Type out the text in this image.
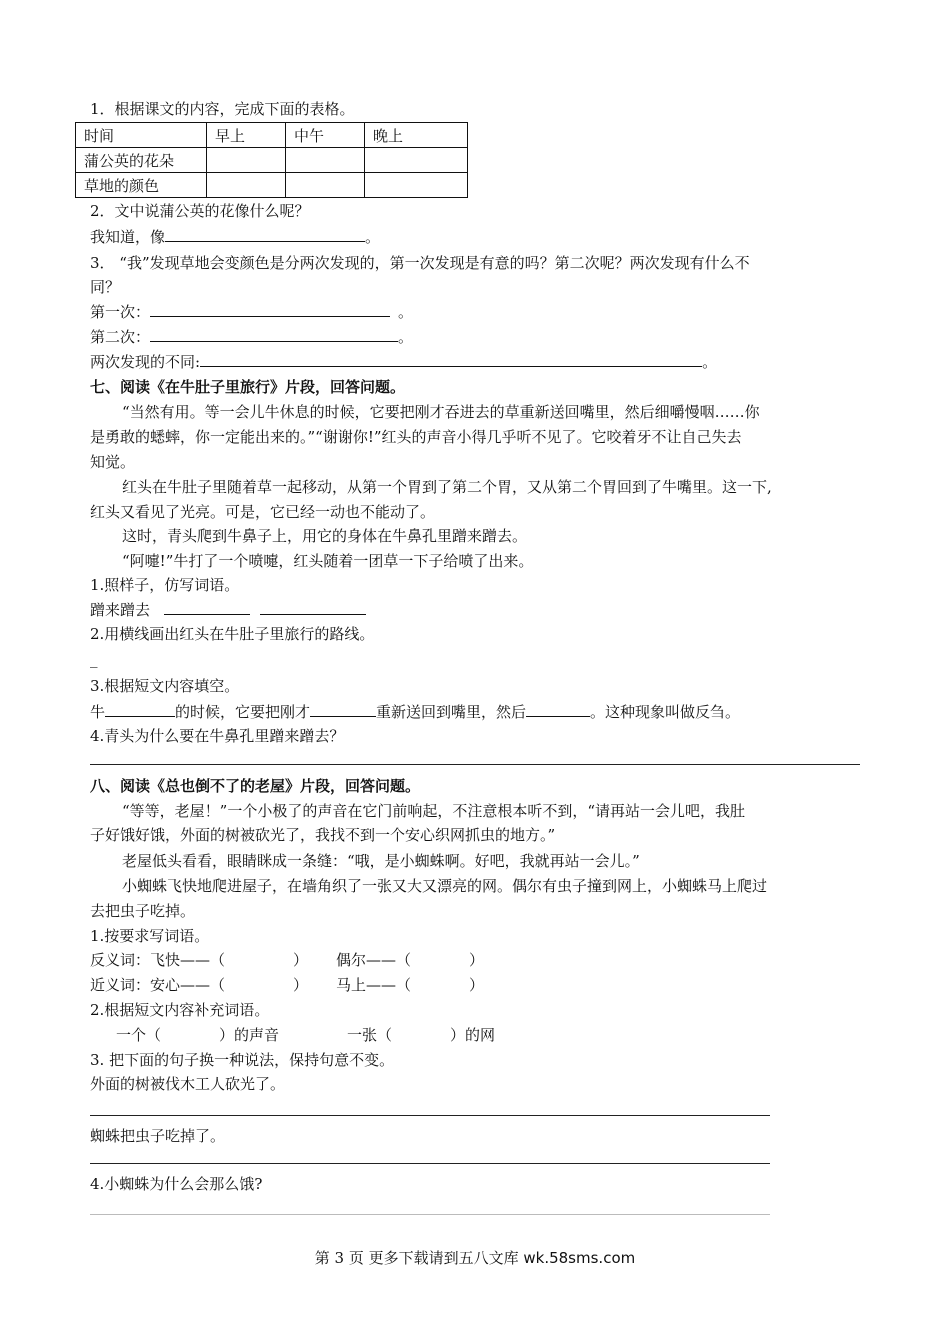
1．根据课文的内容，完成下面的表格。
时间	早上	中午	晚上
蒲公英的花朵			
草地的颜色			
2．文中说蒲公英的花像什么呢？
我知道，像	。
3． “我”发现草地会变颜色是分两次发现的，第一次发现是有意的吗？第二次呢？两次发现有什么不
同？
第一次：	。
第二次：	。
两次发现的不同:	。
七、阅读《在牛肚子里旅行》片段，回答问题。
“当然有用。等一会儿牛休息的时候，它要把刚才吞进去的草重新送回嘴里，然后细嚼慢咽……你
是勇敢的蟋蟀，你一定能出来的。”“谢谢你!”红头的声音小得几乎听不见了。它咬着牙不让自己失去
知觉。
红头在牛肚子里随着草一起移动，从第一个胃到了第二个胃，又从第二个胃回到了牛嘴里。这一下,
红头又看见了光亮。可是，它已经一动也不能动了。
这时，青头爬到牛鼻子上，用它的身体在牛鼻孔里蹭来蹭去。
“阿嚏!”牛打了一个喷嚏，红头随着一团草一下子给喷了出来。
1.照样子，仿写词语。
蹭来蹭去
2.用横线画出红头在牛肚子里旅行的路线。
_
3.根据短文内容填空。
牛	的时候，它要把刚才	重新送回到嘴里，然后	。这种现象叫做反刍。
4.青头为什么要在牛鼻孔里蹭来蹭去？
八、阅读《总也倒不了的老屋》片段，回答问题。
“等等，老屋！”一个小极了的声音在它门前响起，不注意根本听不到，“请再站一会儿吧，我肚
子好饿好饿，外面的树被砍光了，我找不到一个安心织网抓虫的地方。”
老屋低头看看，眼睛眯成一条缝：“哦，是小蜘蛛啊。好吧，我就再站一会儿。”
小蜘蛛飞快地爬进屋子，在墙角织了一张又大又漂亮的网。偶尔有虫子撞到网上，小蜘蛛马上爬过
去把虫子吃掉。
1.按要求写词语。
反义词：飞快——（	） 偶尔——（	）
近义词：安心——（	） 马上——（	）
2.根据短文内容补充词语。
一个（	）的声音	一张（	）的网
3. 把下面的句子换一种说法，保持句意不变。
外面的树被伐木工人砍光了。
蜘蛛把虫子吃掉了。
4.小蜘蛛为什么会那么饿?
第 3 页 更多下载请到五八文库 wk.58sms.com
